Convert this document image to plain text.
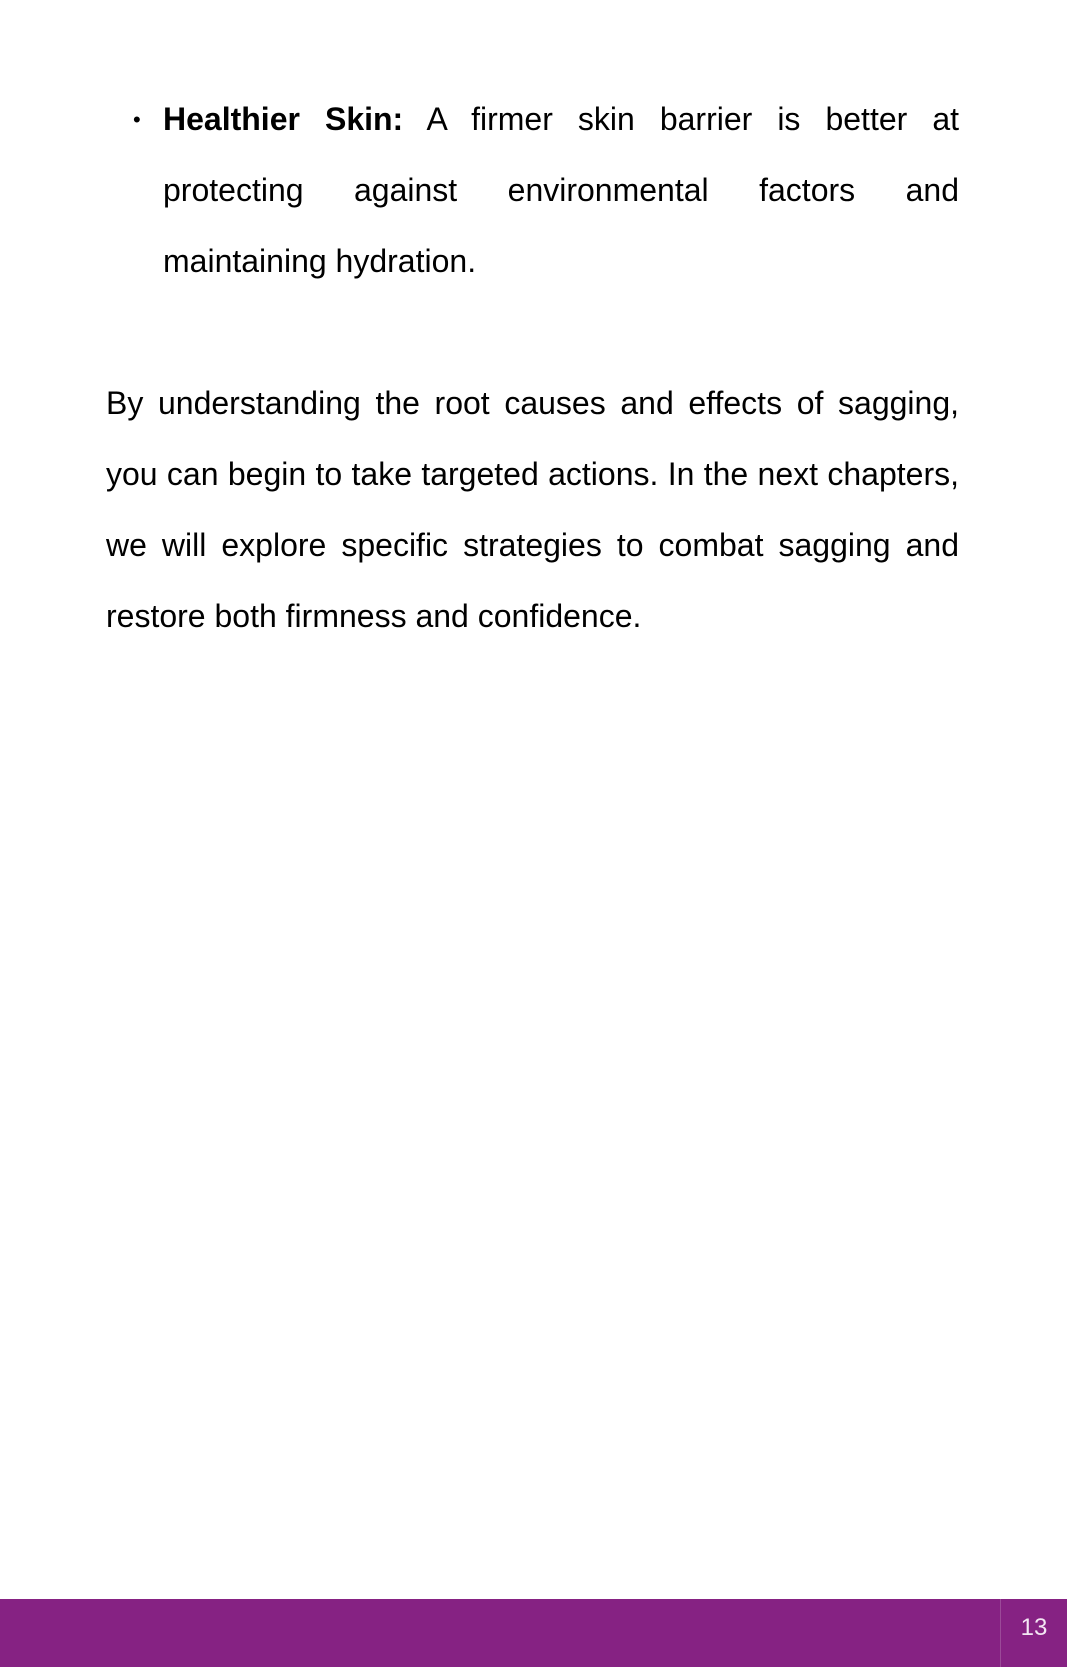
• Healthier Skin: A firmer skin barrier is better at protecting against environmental factors and maintaining hydration.

By understanding the root causes and effects of sagging, you can begin to take targeted actions. In the next chapters, we will explore specific strategies to combat sagging and restore both firmness and confidence.

13
